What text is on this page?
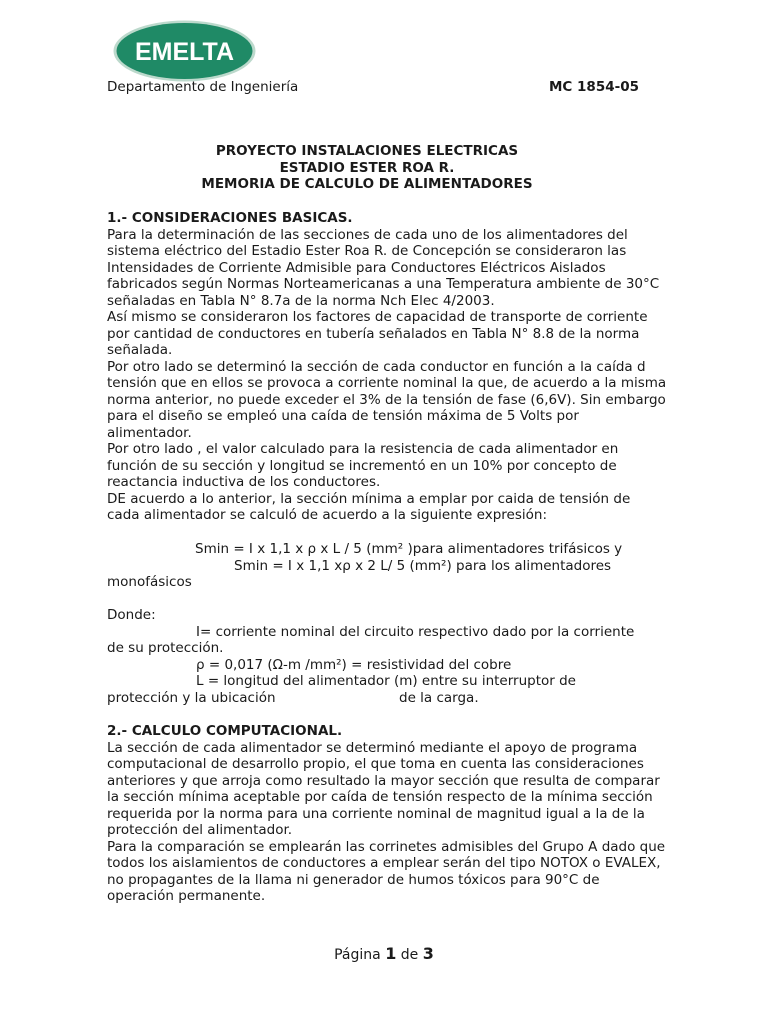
EMELTA
Departamento de Ingeniería	MC 1854-05
PROYECTO INSTALACIONES ELECTRICAS
ESTADIO ESTER ROA R.
MEMORIA DE CALCULO DE ALIMENTADORES

1.- CONSIDERACIONES BASICAS.

Para la determinación de las secciones de cada uno de los alimentadores del sistema eléctrico del Estadio Ester Roa R. de Concepción se consideraron las Intensidades de Corriente Admisible para Conductores Eléctricos Aislados fabricados según Normas Norteamericanas a una Temperatura ambiente de 30°C señaladas en Tabla N° 8.7a de la norma Nch Elec 4/2003.

Así mismo se consideraron los factores de capacidad de transporte de corriente por cantidad de conductores en tubería señalados en Tabla N° 8.8 de la norma señalada.

Por otro lado se determinó la sección de cada conductor en función a la caída d tensión que en ellos se provoca a corriente nominal la que, de acuerdo a la misma norma anterior, no puede exceder el 3% de la tensión de fase (6,6V). Sin embargo para el diseño se empleó una caída de tensión máxima de 5 Volts por alimentador.

Por otro lado , el valor calculado para la resistencia de cada alimentador en función de su sección y longitud se incrementó en un 10% por concepto de reactancia inductiva de los conductores.

DE acuerdo a lo anterior, la sección mínima a emplar por caida de tensión de cada alimentador se calculó de acuerdo a la siguiente expresión:

Smin = I x 1,1 x ρ x L / 5 (mm² )para alimentadores trifásicos y
Smin = I x 1,1 xρ x 2 L/ 5 (mm²) para los alimentadores
monofásicos
Donde:
I= corriente nominal del circuito respectivo dado por la corriente
de su protección.
ρ = 0,017 (Ω-m /mm²) = resistividad del cobre
L = longitud del alimentador (m) entre su interruptor de
protección y la ubicación	de la carga.

2.- CALCULO COMPUTACIONAL.

La sección de cada alimentador se determinó mediante el apoyo de programa computacional de desarrollo propio, el que toma en cuenta las consideraciones anteriores y que arroja como resultado la mayor sección que resulta de comparar la sección mínima aceptable por caída de tensión respecto de la mínima sección requerida por la norma para una corriente nominal de magnitud igual a la de la protección del alimentador.

Para la comparación se emplearán las corrinetes admisibles del Grupo A dado que todos los aislamientos de conductores a emplear serán del tipo NOTOX o EVALEX, no propagantes de la llama ni generador de humos tóxicos para 90°C de operación permanente.

Página 1 de 3
